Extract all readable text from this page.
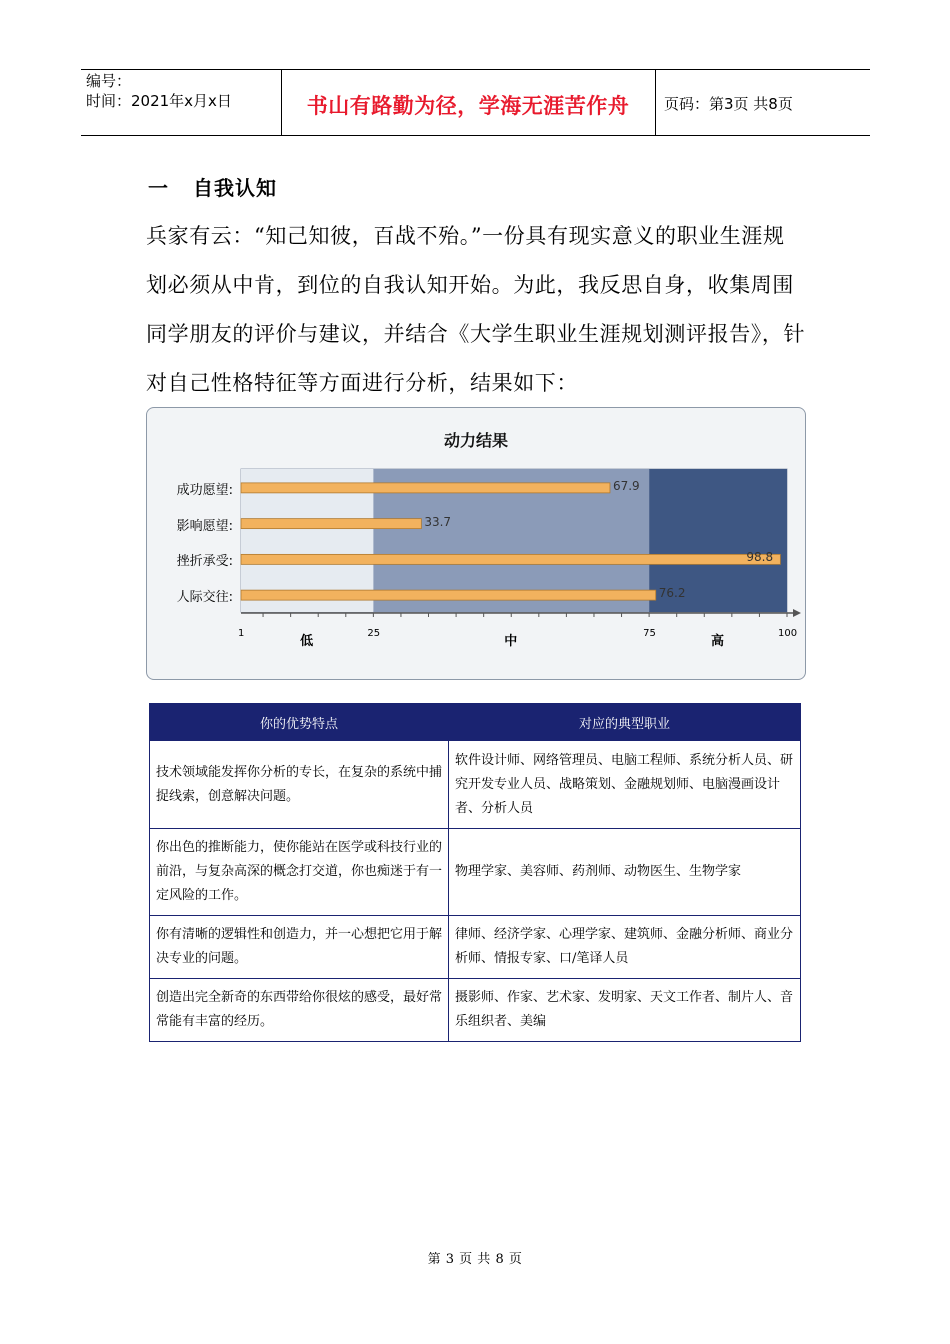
编号：
时间：2021年x月x日	书山有路勤为径，学海无涯苦作舟	页码：第3页 共8页
一 自我认知
兵家有云：“知己知彼，百战不殆。”一份具有现实意义的职业生涯规划必须从中肯，到位的自我认知开始。为此，我反思自身，收集周围同学朋友的评价与建议，并结合《大学生职业生涯规划测评报告》，针对自己性格特征等方面进行分析，结果如下：
动力结果
成功愿望:	67.9
影响愿望:	33.7
挫折承受:	98.8
人际交往:	76.2
1	25	75	100
低	中	高
你的优势特点	对应的典型职业
技术领域能发挥你分析的专长，在复杂的系统中捕捉线索，创意解决问题。	软件设计师、网络管理员、电脑工程师、系统分析人员、研究开发专业人员、战略策划、金融规划师、电脑漫画设计者、分析人员
你出色的推断能力，使你能站在医学或科技行业的前沿，与复杂高深的概念打交道，你也痴迷于有一定风险的工作。	物理学家、美容师、药剂师、动物医生、生物学家
你有清晰的逻辑性和创造力，并一心想把它用于解决专业的问题。	律师、经济学家、心理学家、建筑师、金融分析师、商业分析师、情报专家、口/笔译人员
创造出完全新奇的东西带给你很炫的感受，最好常常能有丰富的经历。	摄影师、作家、艺术家、发明家、天文工作者、制片人、音乐组织者、美编
第 3 页 共 8 页
